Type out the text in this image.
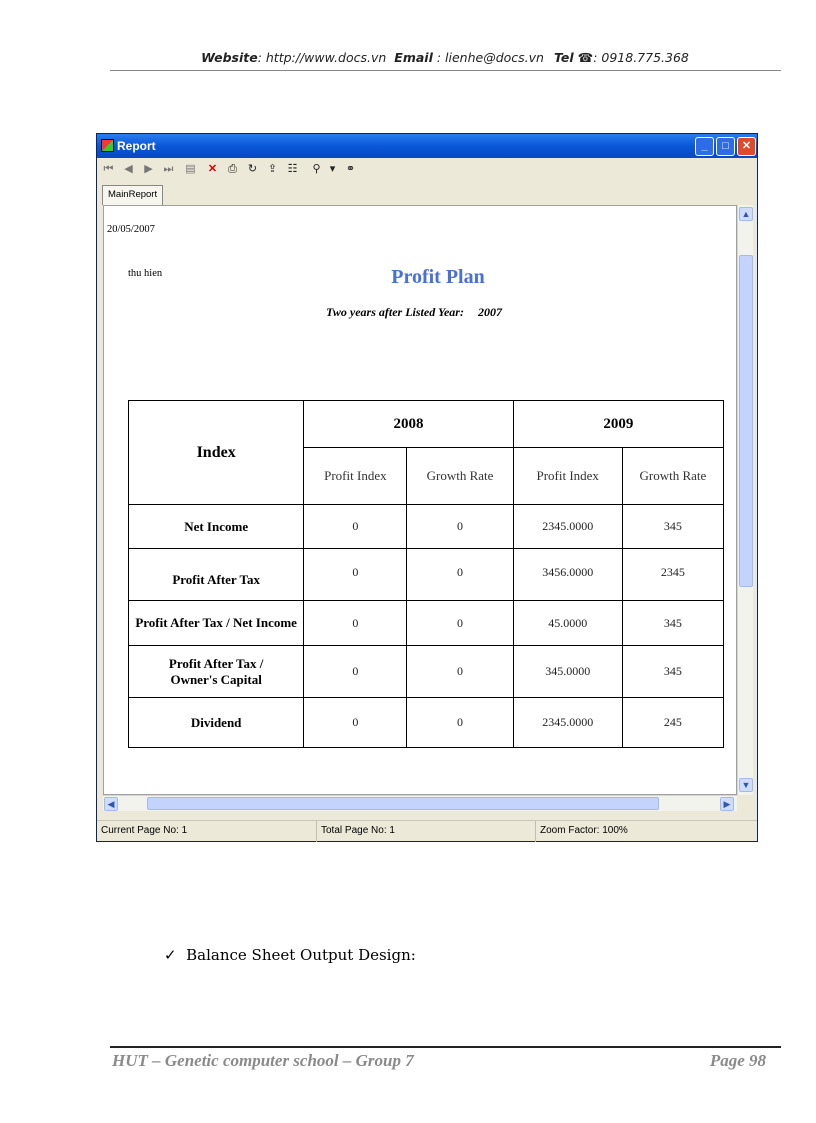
Website: http://www.docs.vn Email : lienhe@docs.vn Tel ☎: 0918.775.368
Report	_	□	✕
⏮ ◀ ▶ ⏭ ▤ ✕ ⎙ ↻ ⇪ ☷	⚲ ▾ ⚭
MainReport
20/05/2007
thu hien	Profit Plan
Two years after Listed Year: 2007
Index	2008		2009	
	Profit Index	Growth Rate	Profit Index	Growth Rate
Net Income	0	0	2345.0000	345
Profit After Tax	0	0	3456.0000	2345
Profit After Tax / Net Income	0	0	45.0000	345
Profit After Tax / Owner's Capital	0	0	345.0000	345
Dividend	0	0	2345.0000	245
▲
▼
◀	▶
Current Page No: 1	Total Page No: 1	Zoom Factor: 100%
✓ Balance Sheet Output Design:
HUT – Genetic computer school – Group 7	Page 98
